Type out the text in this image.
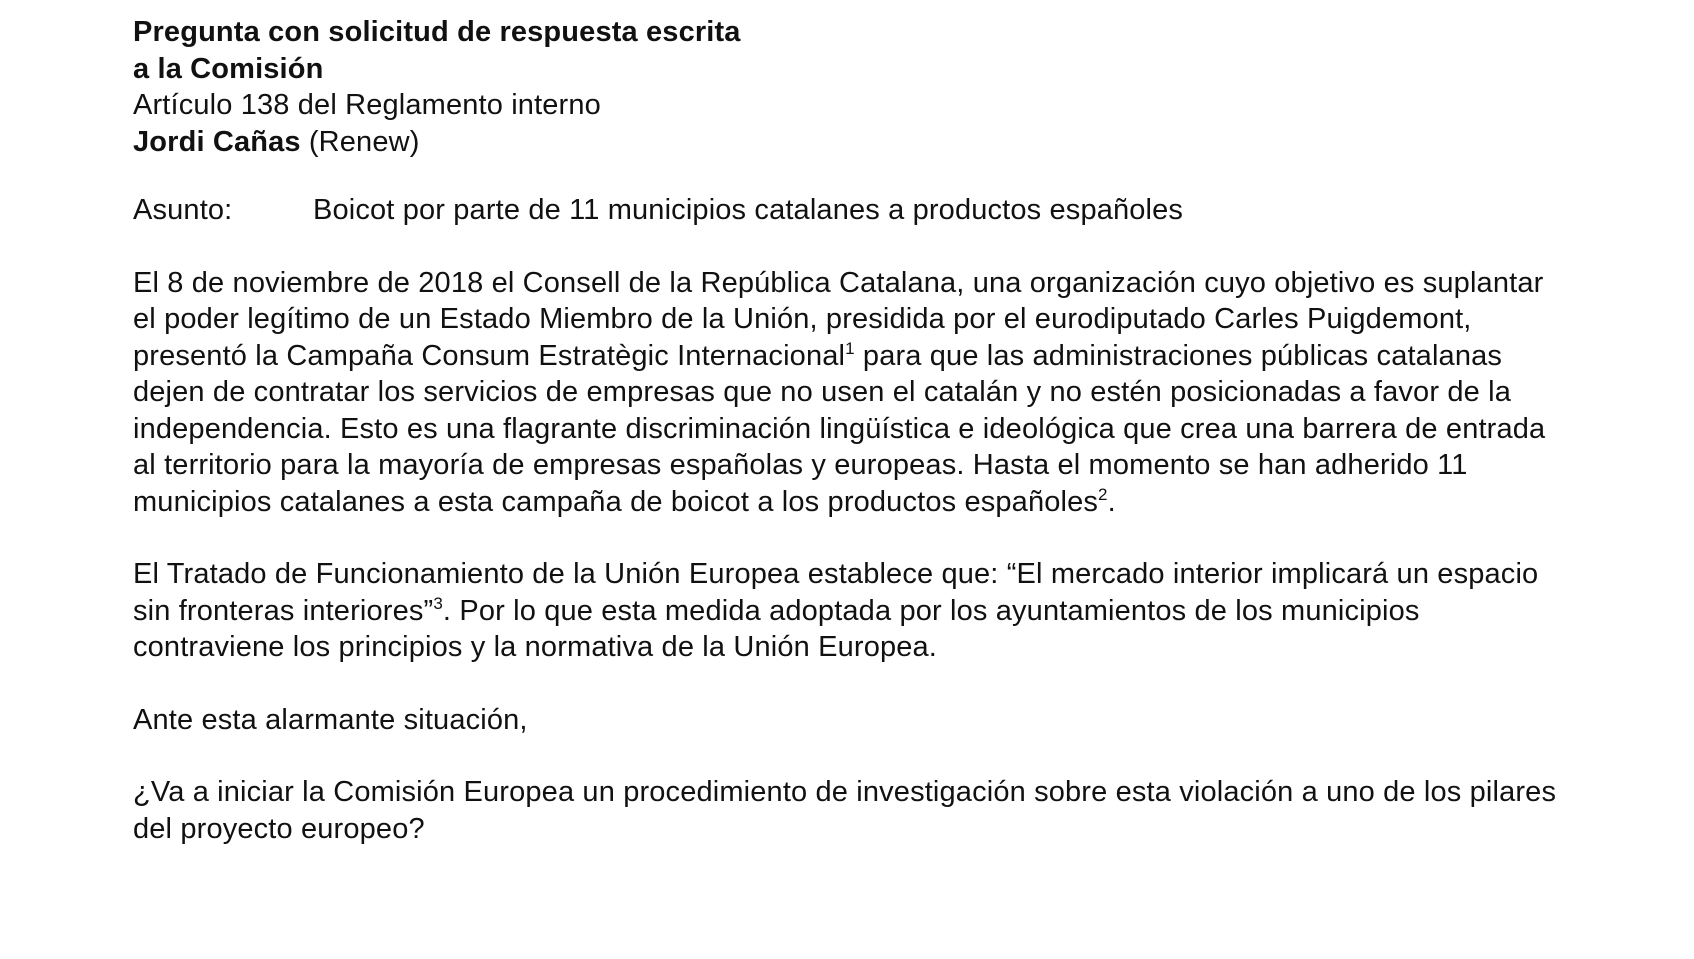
Pregunta con solicitud de respuesta escrita
a la Comisión
Artículo 138 del Reglamento interno
Jordi Cañas (Renew)
Asunto:	Boicot por parte de 11 municipios catalanes a productos españoles

El 8 de noviembre de 2018 el Consell de la República Catalana, una organización cuyo objetivo es suplantar el poder legítimo de un Estado Miembro de la Unión, presidida por el eurodiputado Carles Puigdemont, presentó la Campaña Consum Estratègic Internacional$^1$ para que las administraciones públicas catalanas dejen de contratar los servicios de empresas que no usen el catalán y no estén posicionadas a favor de la independencia. Esto es una flagrante discriminación lingüística e ideológica que crea una barrera de entrada al territorio para la mayoría de empresas españolas y europeas. Hasta el momento se han adherido 11 municipios catalanes a esta campaña de boicot a los productos españoles$^2$.

El Tratado de Funcionamiento de la Unión Europea establece que: “El mercado interior implicará un espacio sin fronteras interiores”$^3$. Por lo que esta medida adoptada por los ayuntamientos de los municipios contraviene los principios y la normativa de la Unión Europea.

Ante esta alarmante situación,

¿Va a iniciar la Comisión Europea un procedimiento de investigación sobre esta violación a uno de los pilares del proyecto europeo?
